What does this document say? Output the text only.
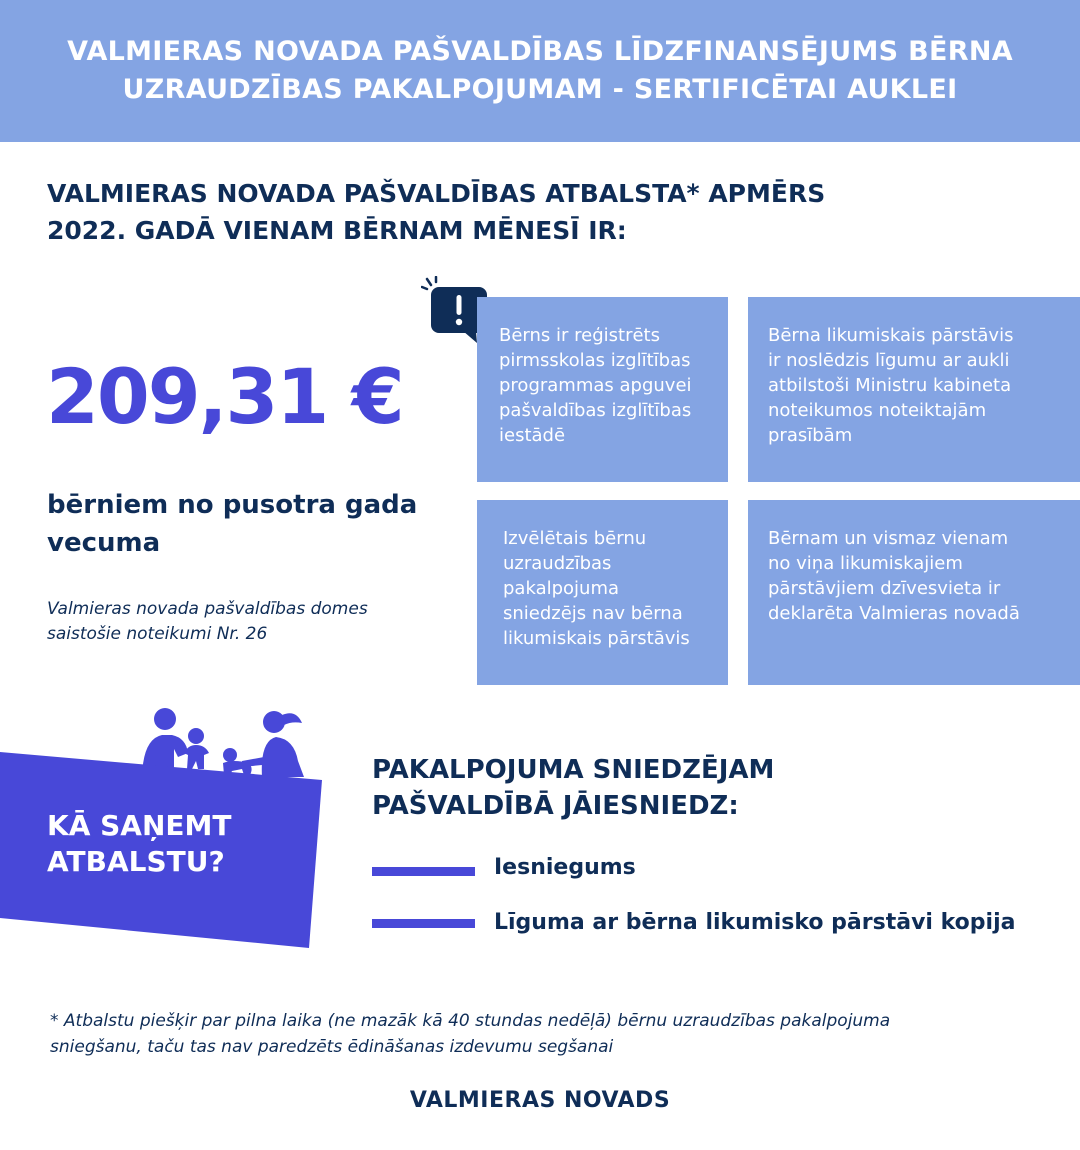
VALMIERAS NOVADA PAŠVALDĪBAS LĪDZFINANSĒJUMS BĒRNA
UZRAUDZĪBAS PAKALPOJUMAM - SERTIFICĒTAI AUKLEI
VALMIERAS NOVADA PAŠVALDĪBAS ATBALSTA* APMĒRS
2022. GADĀ VIENAM BĒRNAM MĒNESĪ IR:
209,31 €
bērniem no pusotra gada vecuma
Valmieras novada pašvaldības domes
saistošie noteikumi Nr. 26
Bērns ir reģistrēts
pirmsskolas izglītības
programmas apguvei
pašvaldības izglītības
iestādē
Bērna likumiskais pārstāvis
ir noslēdzis līgumu ar aukli
atbilstoši Ministru kabineta
noteikumos noteiktajām
prasībām
Izvēlētais bērnu
uzraudzības
pakalpojuma
sniedzējs nav bērna
likumiskais pārstāvis
Bērnam un vismaz vienam
no viņa likumiskajiem
pārstāvjiem dzīvesvieta ir
deklarēta Valmieras novadā
KĀ SAŅEMT
ATBALSTU?
PAKALPOJUMA SNIEDZĒJAM
PAŠVALDĪBĀ JĀIESNIEDZ:
Iesniegums
Līguma ar bērna likumisko pārstāvi kopija
* Atbalstu piešķir par pilna laika (ne mazāk kā 40 stundas nedēļā) bērnu uzraudzības pakalpojuma
sniegšanu, taču tas nav paredzēts ēdināšanas izdevumu segšanai
VALMIERAS NOVADS
